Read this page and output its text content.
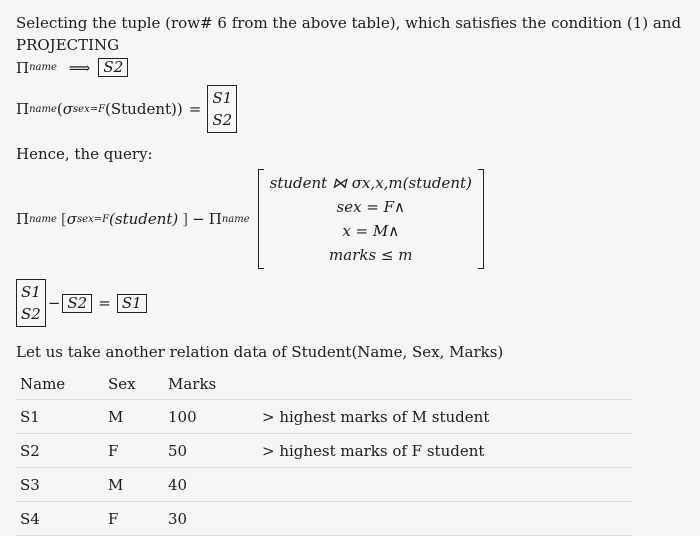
Selecting the tuple (row# 6 from the above table), which satisfies the condition (1) and PROJECTING
Π name ⟹ S2
Π name ( σ sex=F (Student)) =
S1
S2
Hence, the query:
Π name [ σ sex=F (student) ] − Π name
student ⋈ σx,x,m(student)
sex = F∧
x = M∧
marks ≤ m
S1
S2
− S2 = S1
Let us take another relation data of Student(Name, Sex, Marks)
Name	Sex	Marks	
S1	M	100	> highest marks of M student
S2	F	50	> highest marks of F student
S3	M	40	
S4	F	30	
